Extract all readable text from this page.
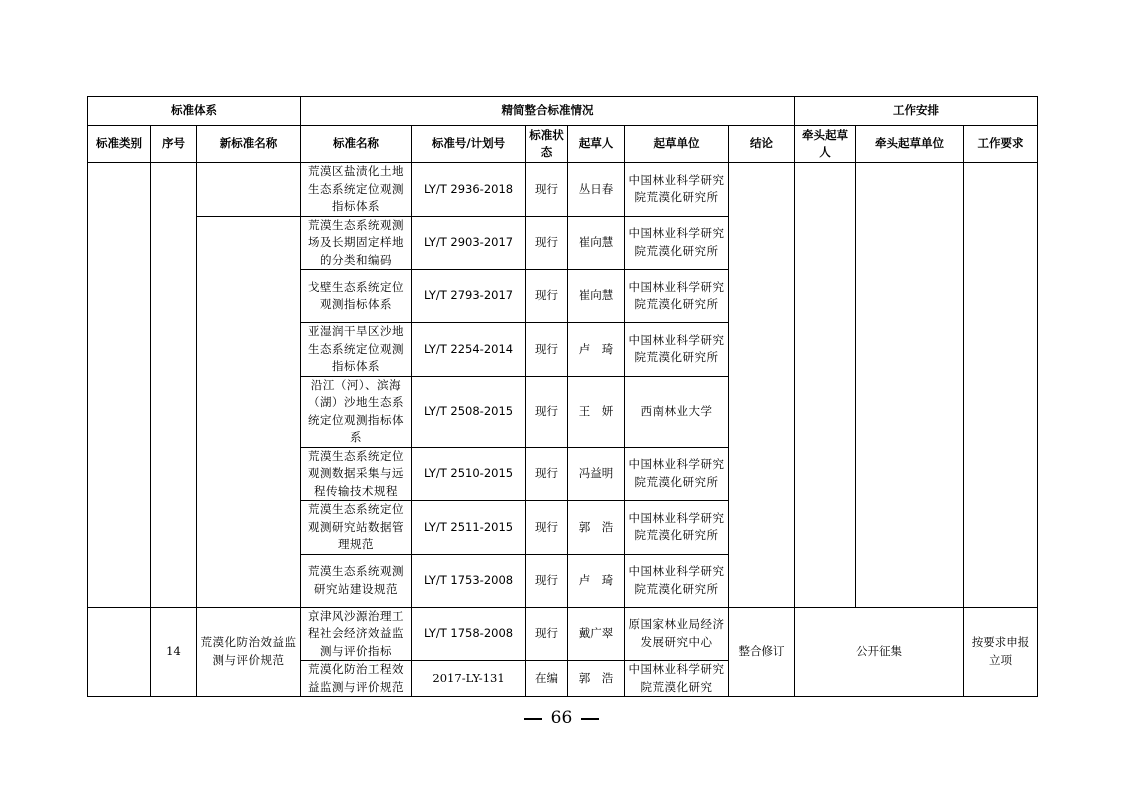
标准体系			精简整合标准情况						工作安排		
标准类别	序号	新标准名称	标准名称	标准号/计划号	标准状态	起草人	起草单位	结论	牵头起草人	牵头起草单位	工作要求
			荒漠区盐渍化土地生态系统定位观测指标体系	LY/T 2936-2018	现行	丛日春	中国林业科学研究院荒漠化研究所				
			荒漠生态系统观测场及长期固定样地的分类和编码	LY/T 2903-2017	现行	崔向慧	中国林业科学研究院荒漠化研究所				
			戈壁生态系统定位观测指标体系	LY/T 2793-2017	现行	崔向慧	中国林业科学研究院荒漠化研究所				
			亚湿润干旱区沙地生态系统定位观测指标体系	LY/T 2254-2014	现行	卢　琦	中国林业科学研究院荒漠化研究所				
			沿江（河）、滨海（湖）沙地生态系统定位观测指标体系	LY/T 2508-2015	现行	王　妍	西南林业大学				
			荒漠生态系统定位观测数据采集与远程传输技术规程	LY/T 2510-2015	现行	冯益明	中国林业科学研究院荒漠化研究所				
			荒漠生态系统定位观测研究站数据管理规范	LY/T 2511-2015	现行	郭　浩	中国林业科学研究院荒漠化研究所				
			荒漠生态系统观测研究站建设规范	LY/T 1753-2008	现行	卢　琦	中国林业科学研究院荒漠化研究所				
	14	荒漠化防治效益监测与评价规范	京津风沙源治理工程社会经济效益监测与评价指标	LY/T 1758-2008	现行	戴广翠	原国家林业局经济发展研究中心	整合修订	公开征集		按要求申报立项
			荒漠化防治工程效益监测与评价规范	2017-LY-131	在编	郭　浩	中国林业科学研究院荒漠化研究				
66
